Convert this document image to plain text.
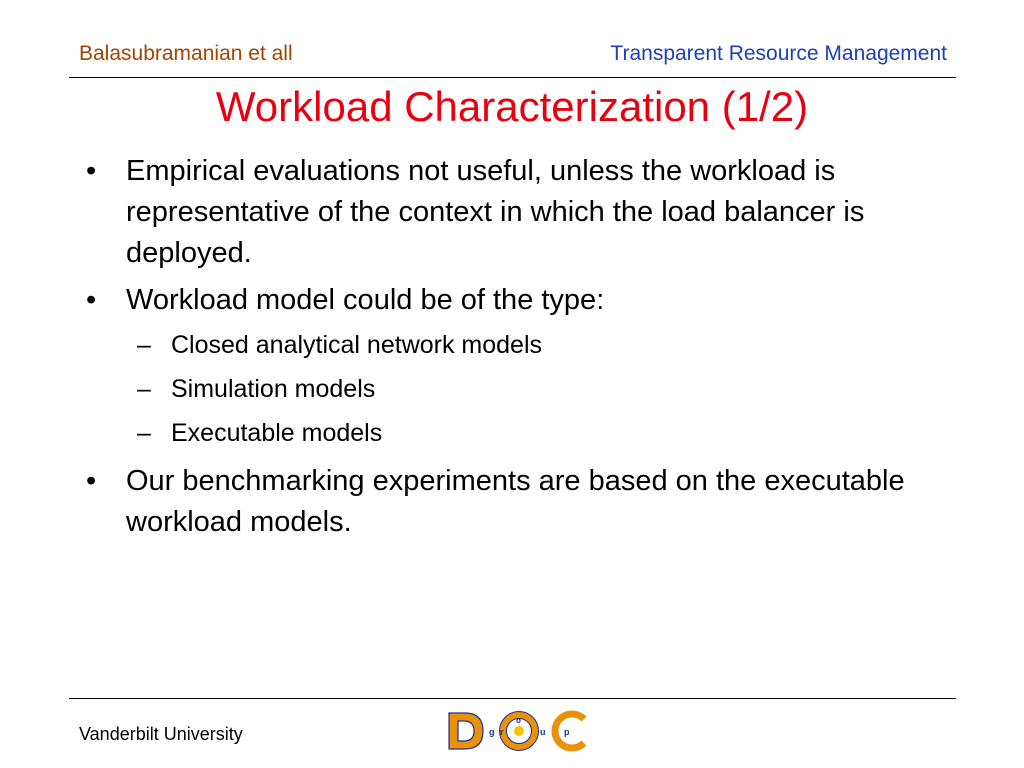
Balasubramanian et all	Transparent Resource Management
Workload Characterization (1/2)
• Empirical evaluations not useful, unless the workload is representative of the context in which the load balancer is deployed.
• Workload model could be of the type:
– Closed analytical network models
– Simulation models
– Executable models
• Our benchmarking experiments are based on the executable workload models.
Vanderbilt University	g r
o
u p
